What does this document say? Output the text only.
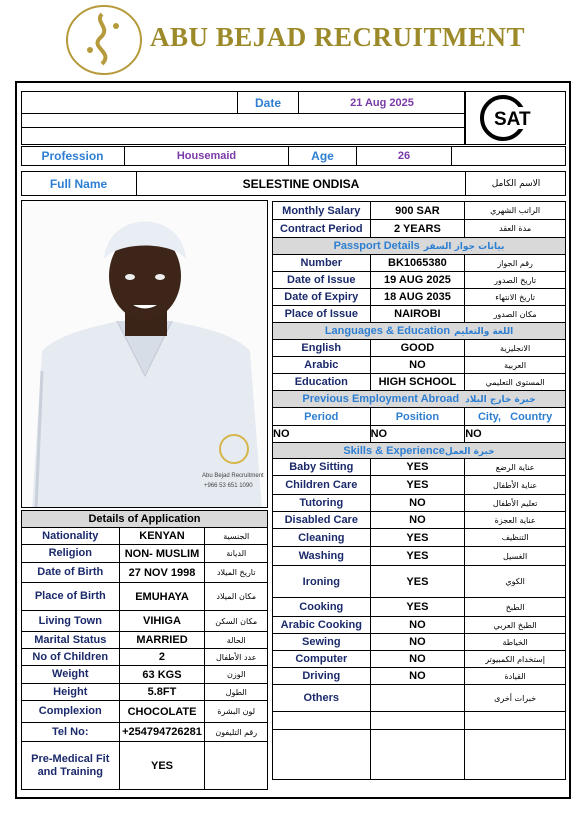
ABU BEJAD RECRUITMENT
Date	21 Aug 2025
SAT
Profession	Housemaid	Age	26
Full Name	SELESTINE ONDISA	الاسم الكامل
Abu Bejad Recruitment
+966 53 651 1090
Monthly Salary	900 SAR	الراتب الشهري
Contract Period	2 YEARS	مدة العقد
Passport Details بيانات جواز السفر		
Number	BK1065380	رقم الجواز
Date of Issue	19 AUG 2025	تاريخ الصدور
Date of Expiry	18 AUG 2035	تاريخ الانتهاء
Place of Issue	NAIROBI	مكان الصدور
Languages & Education اللغة والتعليم		
English	GOOD	الانجليزية
Arabic	NO	العربية
Education	HIGH SCHOOL	المستوى التعليمي
Previous Employment Abroad خبرة خارج البلاد		
Period	Position	City,   Country
NO	NO	NO
Skills & Experienceخبرة العمل		
Baby Sitting	YES	عناية الرضع
Children Care	YES	عناية الأطفال
Tutoring	NO	تعليم الأطفال
Disabled Care	NO	عناية العجزة
Cleaning	YES	التنظيف
Washing	YES	الغسيل
Ironing	YES	الكوي
Cooking	YES	الطبخ
Arabic Cooking	NO	الطبخ العربي
Sewing	NO	الخياطة
Computer	NO	إستخدام الكمبيوتر
Driving	NO	القيادة
Others		خبرات أخرى

Details of Application		
Nationality	KENYAN	الجنسية
Religion	NON- MUSLIM	الديانة
Date of Birth	27 NOV 1998	تاريخ الميلاد
Place of Birth	EMUHAYA	مكان الميلاد
Living Town	VIHIGA	مكان السكن
Marital Status	MARRIED	الحالة
No of Children	2	عدد الأطفال
Weight	63 KGS	الوزن
Height	5.8FT	الطول
Complexion	CHOCOLATE	لون البشرة
Tel No:	+254794726281	رقم التليفون
Pre-Medical Fit and Training	YES	
